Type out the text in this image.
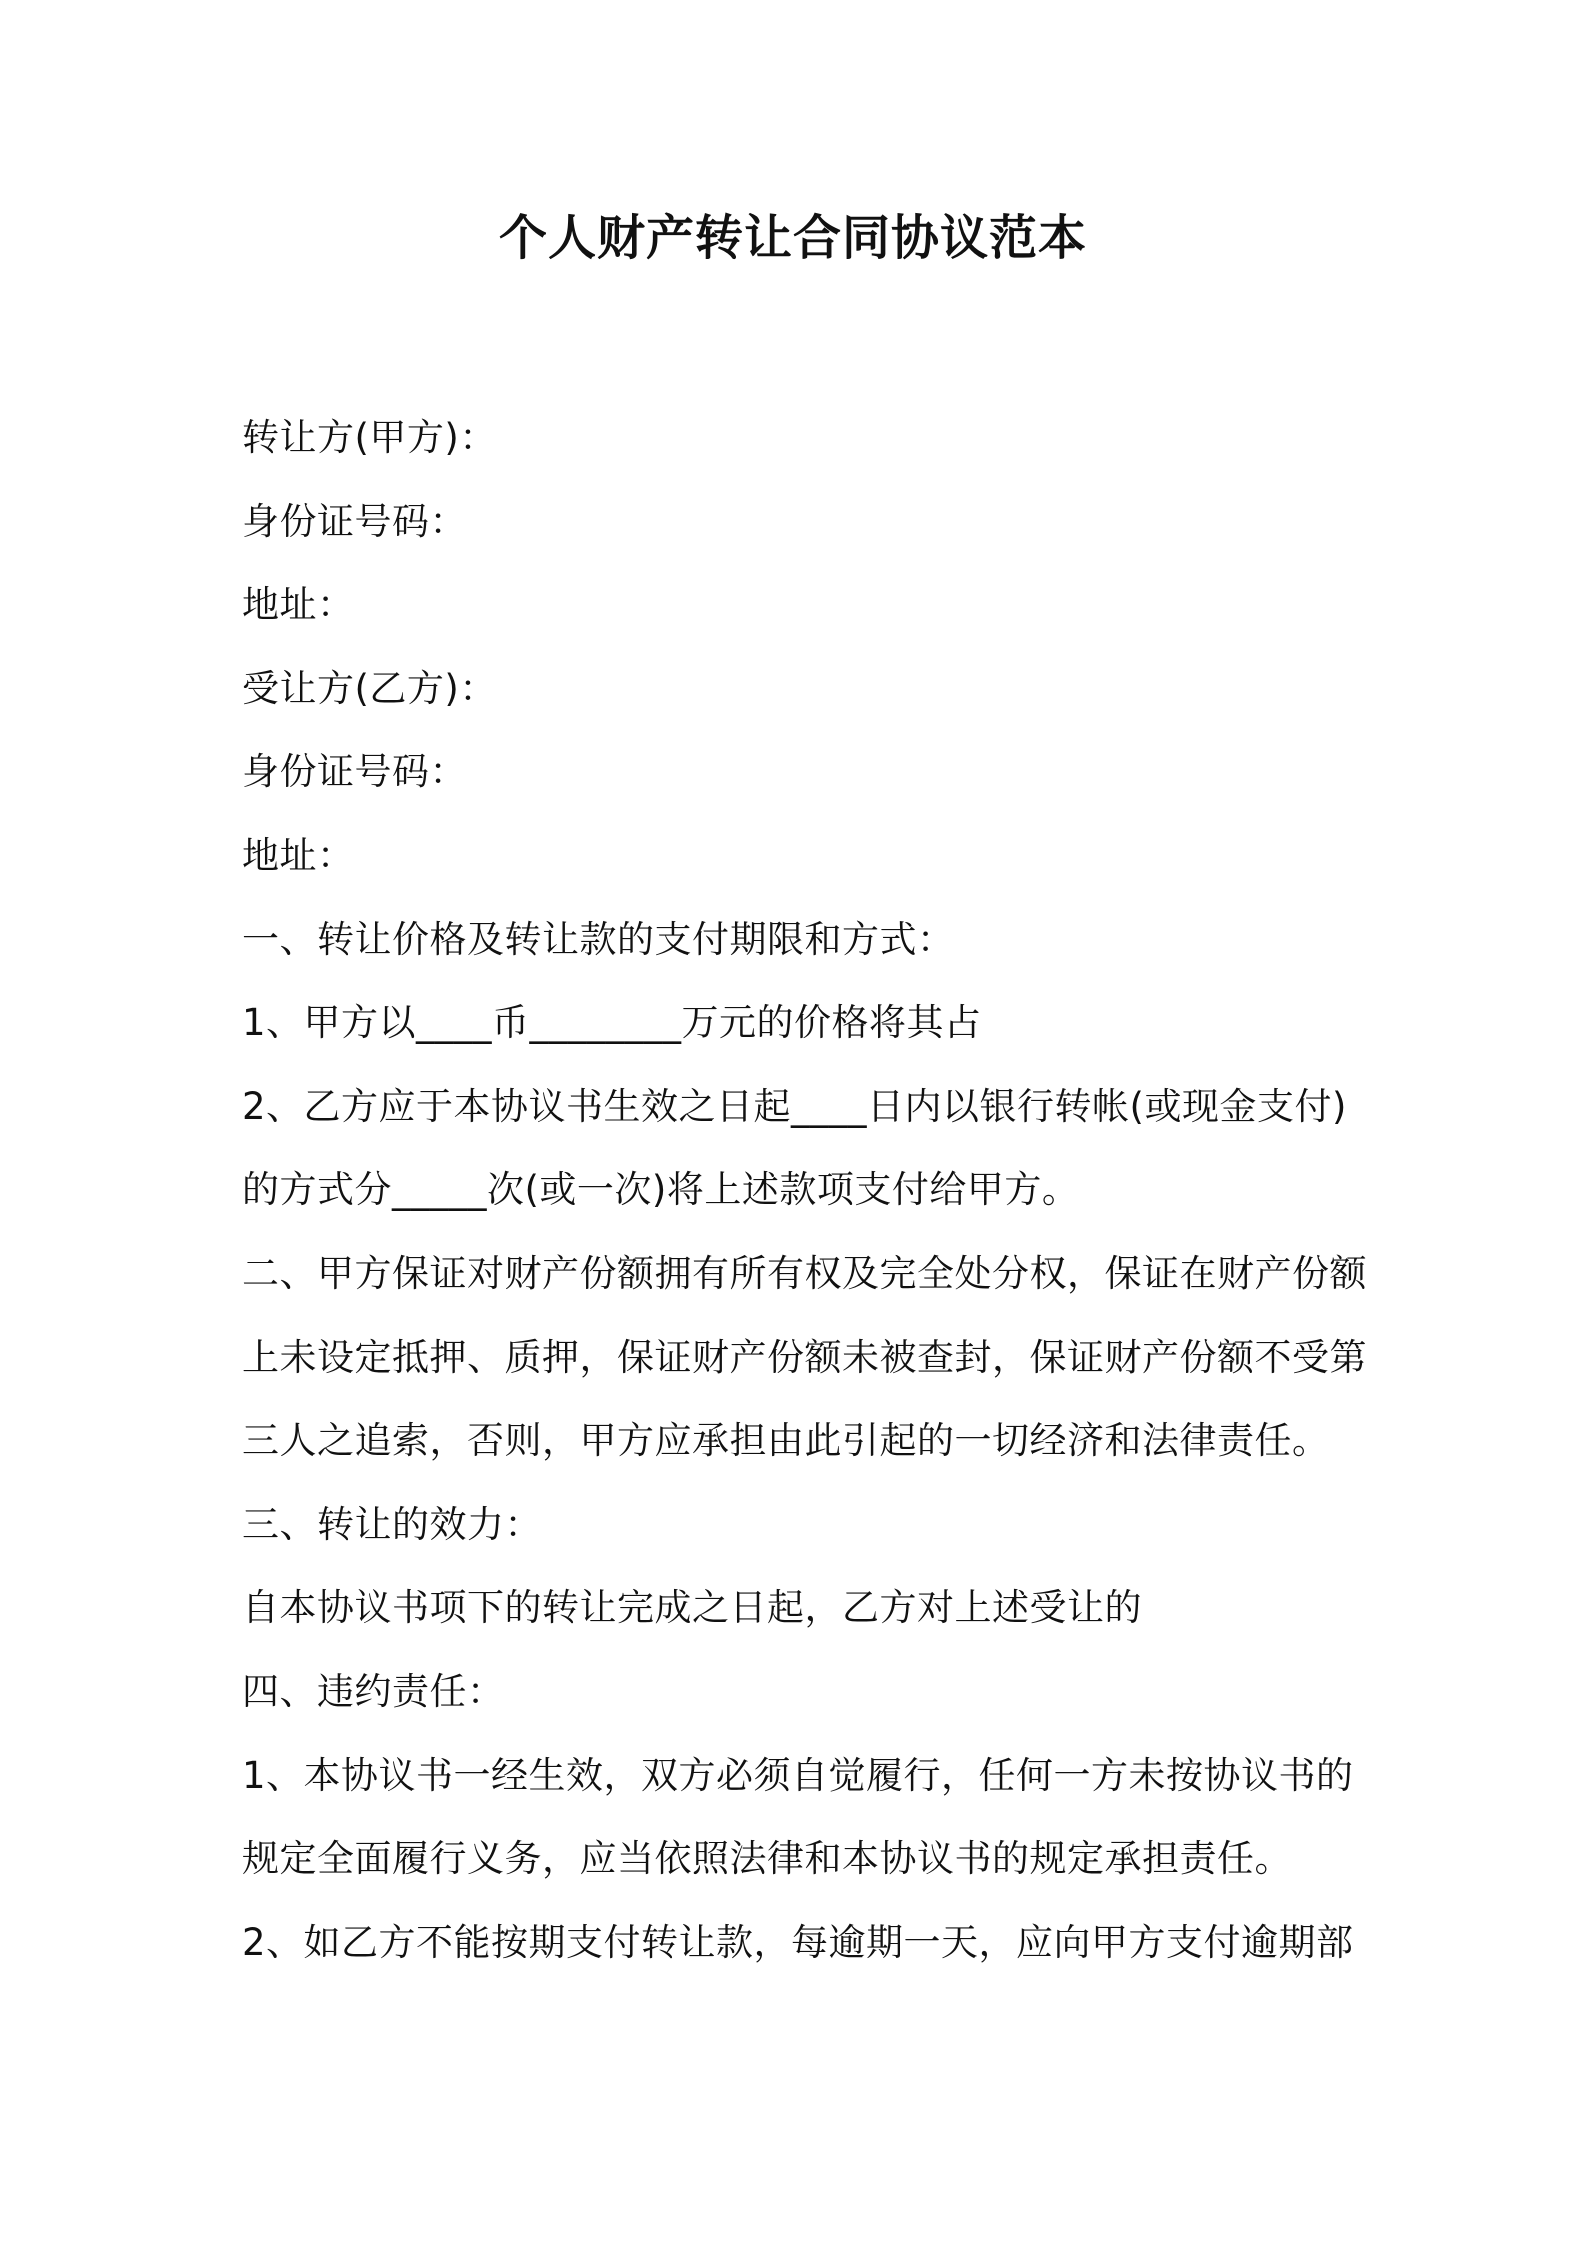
个人财产转让合同协议范本
转让方(甲方)：
身份证号码：
地址：
受让方(乙方)：
身份证号码：
地址：
一、转让价格及转让款的支付期限和方式：
1、甲方以____币________万元的价格将其占
2、乙方应于本协议书生效之日起____日内以银行转帐(或现金支付)
的方式分_____次(或一次)将上述款项支付给甲方。
二、甲方保证对财产份额拥有所有权及完全处分权，保证在财产份额
上未设定抵押、质押，保证财产份额未被查封，保证财产份额不受第
三人之追索，否则，甲方应承担由此引起的一切经济和法律责任。
三、转让的效力：
自本协议书项下的转让完成之日起，乙方对上述受让的
四、违约责任：
1、本协议书一经生效，双方必须自觉履行，任何一方未按协议书的
规定全面履行义务，应当依照法律和本协议书的规定承担责任。
2、如乙方不能按期支付转让款，每逾期一天，应向甲方支付逾期部
